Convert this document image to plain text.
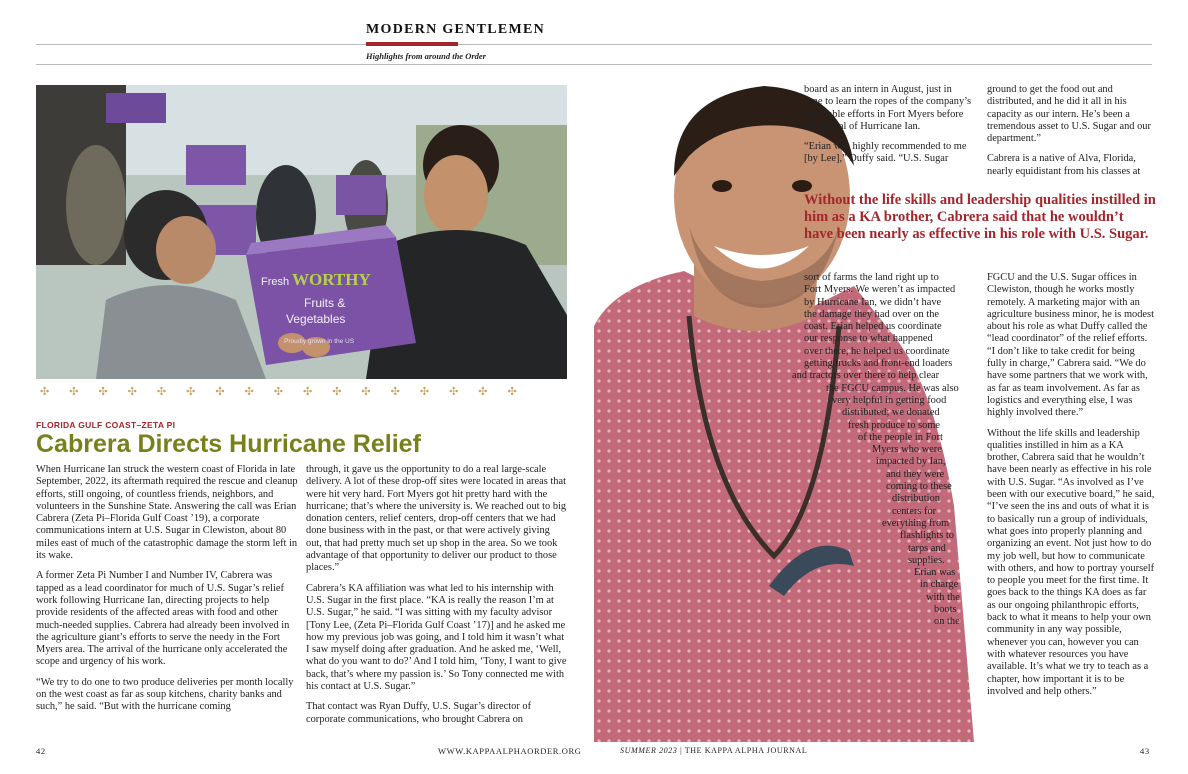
MODERN GENTLEMEN
Highlights from around the Order
Fresh WORTHY
Fruits &
Vegetables
Proudly grown in the US
✣ ✣ ✣ ✣ ✣ ✣ ✣ ✣ ✣ ✣ ✣ ✣ ✣ ✣ ✣ ✣ ✣
FLORIDA GULF COAST–ZETA PI
Cabrera Directs Hurricane Relief

When Hurricane Ian struck the western coast of Florida in late September, 2022, its aftermath required the rescue and cleanup efforts, still ongoing, of countless friends, neighbors, and volunteers in the Sunshine State. Answering the call was Erian Cabrera (Zeta Pi–Florida Gulf Coast ’19), a corporate communications intern at U.S. Sugar in Clewiston, about 80 miles east of much of the catastrophic damage the storm left in its wake.

A former Zeta Pi Number I and Number IV, Cabrera was tapped as a lead coordinator for much of U.S. Sugar’s relief work following Hurricane Ian, directing projects to help provide residents of the affected areas with food and other much-needed supplies. Cabrera had already been involved in the agriculture giant’s efforts to serve the needy in the Fort Myers area. The arrival of the hurricane only accelerated the scope and urgency of his work.

“We try to do one to two produce deliveries per month locally on the west coast as far as soup kitchens, charity banks and such,” he said. “But with the hurricane coming

through, it gave us the opportunity to do a real large-scale delivery. A lot of these drop-off sites were located in areas that were hit very hard. Fort Myers got hit pretty hard with the hurricane; that’s where the university is. We reached out to big donation centers, relief centers, drop-off centers that we had done business with in the past, or that were actively giving out, that had pretty much set up shop in the area. So we took advantage of that opportunity to deliver our product to those places.”

Cabrera’s KA affiliation was what led to his internship with U.S. Sugar in the first place. “KA is really the reason I’m at U.S. Sugar,” he said. “I was sitting with my faculty advisor [Tony Lee, (Zeta Pi–Florida Gulf Coast ’17)] and he asked me how my previous job was going, and I told him it wasn’t what I saw myself doing after graduation. And he asked me, ‘Well, what do you want to do?’ And I told him, ‘Tony, I want to give back, that’s where my passion is.’ So Tony connected me with his contact at U.S. Sugar.”

That contact was Ryan Duffy, U.S. Sugar’s director of corporate communications, who brought Cabrera on

42	WWW.KAPPAALPHAORDER.ORG

board as an intern in August, just in time to learn the ropes of the company’s charitable efforts in Fort Myers before the arrival of Hurricane Ian.

“Erian was highly recommended to me [by Lee],” Duffy said. “U.S. Sugar

ground to get the food out and distributed, and he did it all in his capacity as our intern. He’s been a tremendous asset to U.S. Sugar and our department.”

Cabrera is a native of Alva, Florida, nearly equidistant from his classes at

Without the life skills and leadership qualities instilled in him as a KA brother, Cabrera said that he wouldn’t have been nearly as effective in his role with U.S. Sugar.
sort of farms the land right up to
Fort Myers. We weren’t as impacted
by Hurricane Ian, we didn’t have
the damage they had over on the
coast. Erian helped us coordinate
our response to what happened
over there, he helped us coordinate
getting trucks and front-end loaders
and tractors over there to help clear
the FGCU campus. He was also
very helpful in getting food
distributed; we donated
fresh produce to some
of the people in Fort
Myers who were
impacted by Ian,
and they were
coming to these
distribution
centers for
everything from
flashlights to
tarps and
supplies.
Erian was
in charge
with the
boots
on the

FGCU and the U.S. Sugar offices in Clewiston, though he works mostly remotely. A marketing major with an agriculture business minor, he is modest about his role as what Duffy called the “lead coordinator” of the relief efforts. “I don’t like to take credit for being fully in charge,” Cabrera said. “We do have some partners that we work with, as far as team involvement. As far as logistics and everything else, I was highly involved there.”

Without the life skills and leadership qualities instilled in him as a KA brother, Cabrera said that he wouldn’t have been nearly as effective in his role with U.S. Sugar. “As involved as I’ve been with our executive board,” he said, “I’ve seen the ins and outs of what it is to basically run a group of individuals, what goes into properly planning and organizing an event. Not just how to do my job well, but how to communicate with others, and how to portray yourself to people you meet for the first time. It goes back to the things KA does as far as our ongoing philanthropic efforts, back to what it means to help your own community in any way possible, whenever you can, however you can with whatever resources you have available. It’s what we try to teach as a chapter, how important it is to be involved and help others.”

SUMMER 2023 | THE KAPPA ALPHA JOURNAL	43
